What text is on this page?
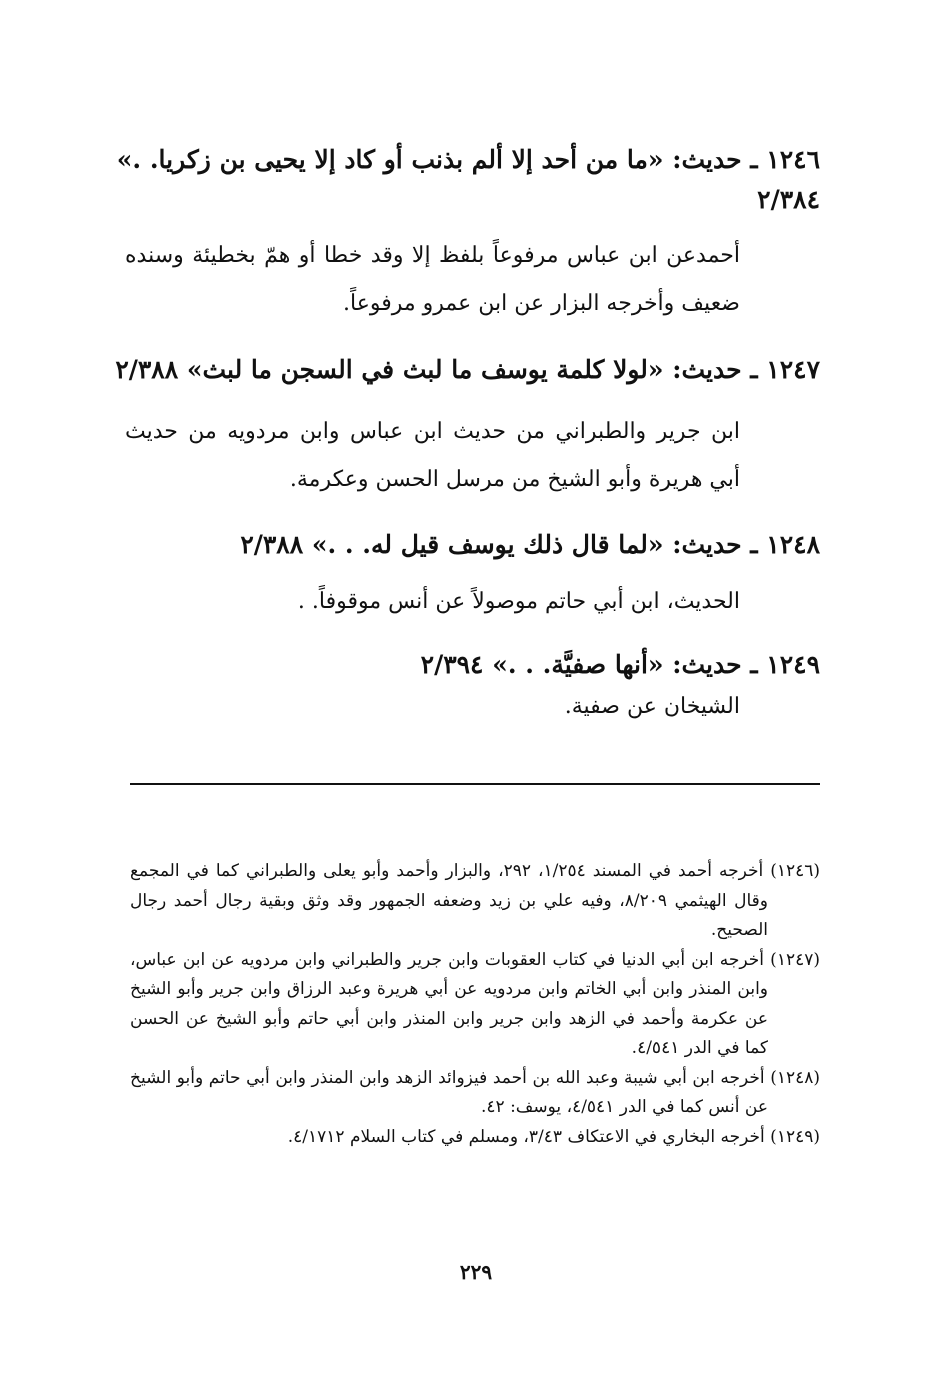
١٢٤٦ ـ حديث: «ما من أحد إلا ألم بذنب أو كاد إلا يحيى بن زكريا. .»
٢/٣٨٤
أحمدعن ابن عباس مرفوعاً بلفظ إلا وقد خطا أو همّ بخطيئة وسنده ضعيف وأخرجه البزار عن ابن عمرو مرفوعاً.
١٢٤٧ ـ حديث: «لولا كلمة يوسف ما لبث في السجن ما لبث» ٢/٣٨٨
ابن جرير والطبراني من حديث ابن عباس وابن مردويه من حديث أبي هريرة وأبو الشيخ من مرسل الحسن وعكرمة.
١٢٤٨ ـ حديث: «لما قال ذلك يوسف قيل له. . .» ٢/٣٨٨
الحديث، ابن أبي حاتم موصولاً عن أنس موقوفاً. .
١٢٤٩ ـ حديث: «أنها صفيَّة. . .» ٢/٣٩٤
الشيخان عن صفية.

(١٢٤٦) أخرجه أحمد في المسند ١/٢٥٤، ٢٩٢، والبزار وأحمد وأبو يعلى والطبراني كما في المجمع وقال الهيثمي ٨/٢٠٩، وفيه علي بن زيد وضعفه الجمهور وقد وثق وبقية رجال أحمد رجال الصحيح.

(١٢٤٧) أخرجه ابن أبي الدنيا في كتاب العقوبات وابن جرير والطبراني وابن مردويه عن ابن عباس، وابن المنذر وابن أبي الخاتم وابن مردويه عن أبي هريرة وعبد الرزاق وابن جرير وأبو الشيخ عن عكرمة وأحمد في الزهد وابن جرير وابن المنذر وابن أبي حاتم وأبو الشيخ عن الحسن كما في الدر ٤/٥٤١.

(١٢٤٨) أخرجه ابن أبي شيبة وعبد الله بن أحمد فيزوائد الزهد وابن المنذر وابن أبي حاتم وأبو الشيخ عن أنس كما في الدر ٤/٥٤١، يوسف: ٤٢.

(١٢٤٩) أخرجه البخاري في الاعتكاف ٣/٤٣، ومسلم في كتاب السلام ٤/١٧١٢.

٢٢٩
